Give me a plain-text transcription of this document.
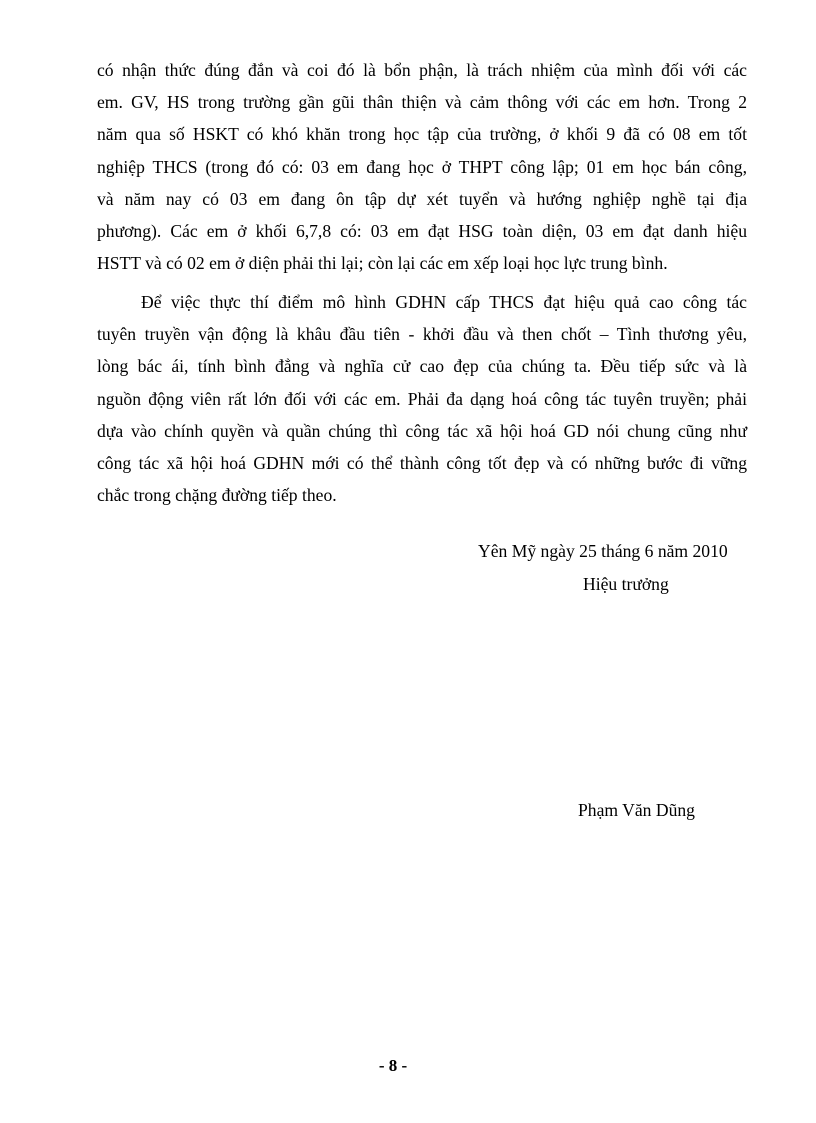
có nhận thức đúng đắn và coi đó là bổn phận, là trách nhiệm của mình đối với các
em. GV, HS trong trường gần gũi thân thiện và cảm thông với các em hơn. Trong 2
năm qua số HSKT có khó khăn trong học tập của trường, ở khối 9 đã có 08 em tốt
nghiệp THCS (trong đó có: 03 em đang học ở THPT công lập; 01 em học bán công,
và năm nay có 03 em đang ôn tập dự xét tuyển và hướng nghiệp nghề tại địa
phương). Các em ở khối 6,7,8 có: 03 em đạt HSG toàn diện, 03 em đạt danh hiệu
HSTT và có 02 em ở diện phải thi lại; còn lại các em xếp loại học lực trung bình.
Để việc thực thí điểm mô hình GDHN cấp THCS đạt hiệu quả cao công tác
tuyên truyền vận động là khâu đầu tiên - khởi đầu và then chốt – Tình thương yêu,
lòng bác ái, tính bình đẳng và nghĩa cử cao đẹp của chúng ta. Đều tiếp sức và là
nguồn động viên rất lớn đối với các em. Phải đa dạng hoá công tác tuyên truyền; phải
dựa vào chính quyền và quần chúng thì công tác xã hội hoá GD nói chung cũng như
công tác xã hội hoá GDHN mới có thể thành công tốt đẹp và có những bước đi vững
chắc trong chặng đường tiếp theo.

Yên Mỹ ngày 25 tháng 6 năm 2010

Hiệu trưởng

Phạm Văn Dũng

- 8 -
